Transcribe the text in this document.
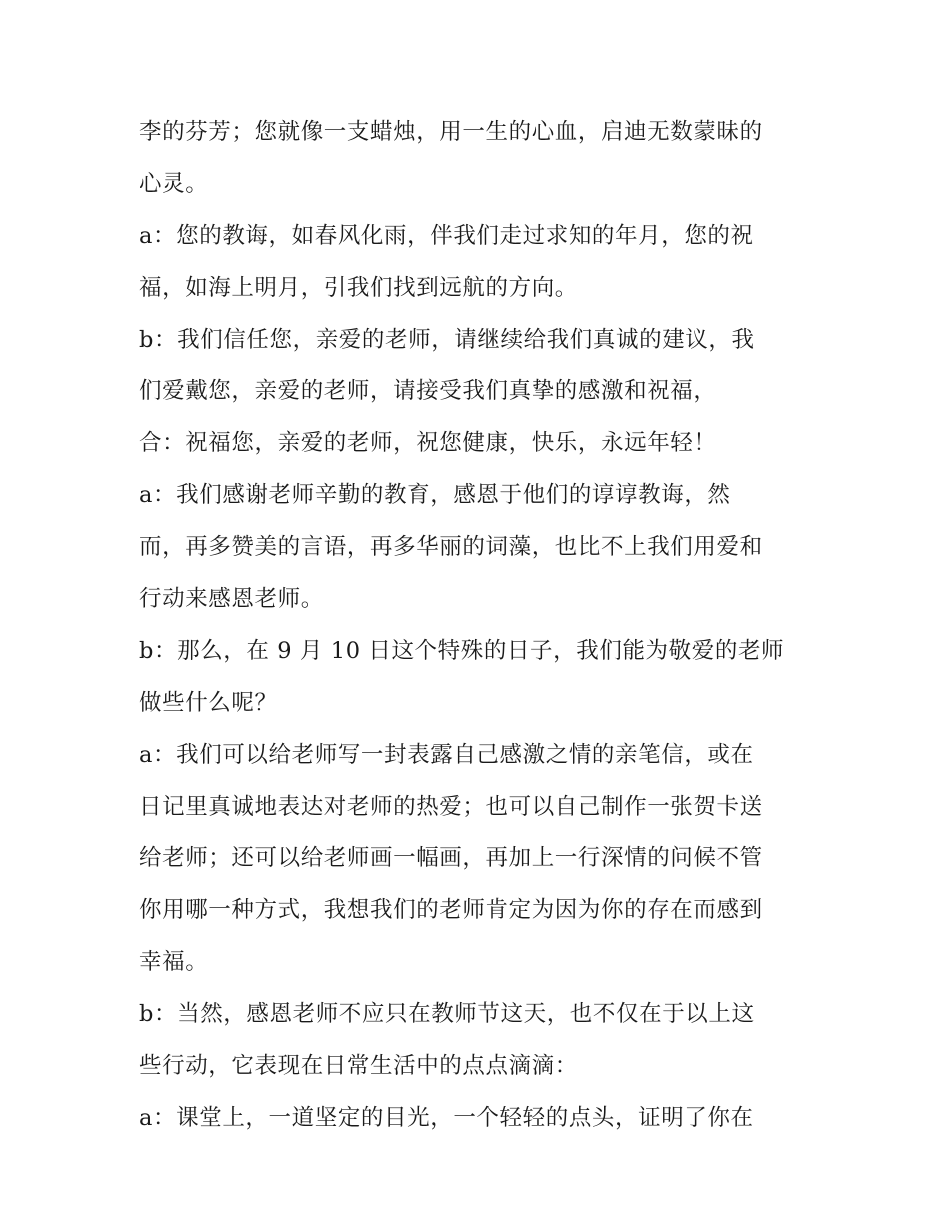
李的芬芳；您就像一支蜡烛，用一生的心血，启迪无数蒙昧的
心灵。
a：您的教诲，如春风化雨，伴我们走过求知的年月，您的祝
福，如海上明月，引我们找到远航的方向。
b：我们信任您，亲爱的老师，请继续给我们真诚的建议，我
们爱戴您，亲爱的老师，请接受我们真挚的感激和祝福，
合：祝福您，亲爱的老师，祝您健康，快乐，永远年轻！
a：我们感谢老师辛勤的教育，感恩于他们的谆谆教诲，然
而，再多赞美的言语，再多华丽的词藻，也比不上我们用爱和
行动来感恩老师。
b：那么，在 9 月 10 日这个特殊的日子，我们能为敬爱的老师
做些什么呢？
a：我们可以给老师写一封表露自己感激之情的亲笔信，或在
日记里真诚地表达对老师的热爱；也可以自己制作一张贺卡送
给老师；还可以给老师画一幅画，再加上一行深情的问候不管
你用哪一种方式，我想我们的老师肯定为因为你的存在而感到
幸福。
b：当然，感恩老师不应只在教师节这天，也不仅在于以上这
些行动，它表现在日常生活中的点点滴滴：
a：课堂上，一道坚定的目光，一个轻轻的点头，证明了你在
